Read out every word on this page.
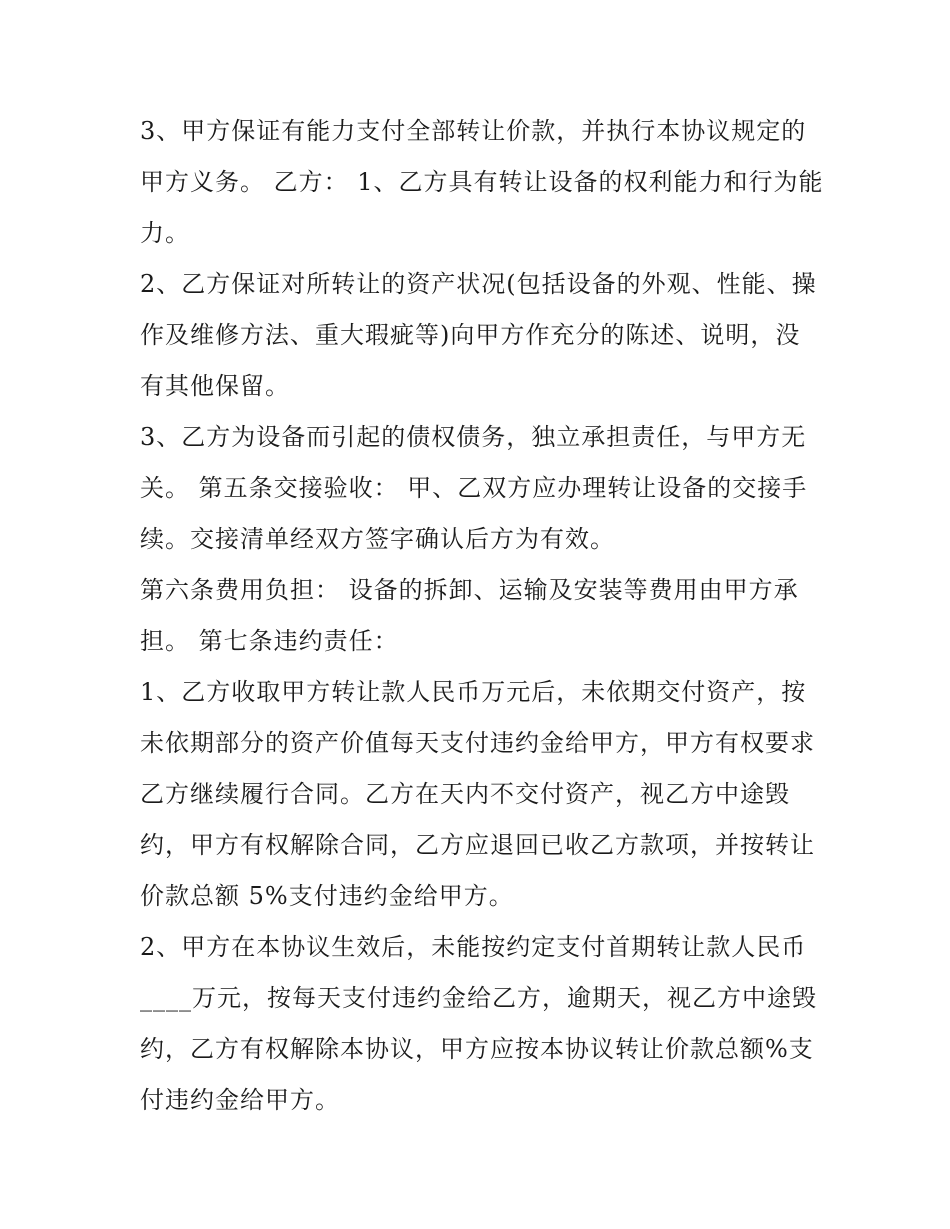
3、甲方保证有能力支付全部转让价款，并执行本协议规定的
甲方义务。 乙方： 1、乙方具有转让设备的权利能力和行为能
力。

2、乙方保证对所转让的资产状况(包括设备的外观、性能、操
作及维修方法、重大瑕疵等)向甲方作充分的陈述、说明，没
有其他保留。

3、乙方为设备而引起的债权债务，独立承担责任，与甲方无
关。 第五条交接验收： 甲、乙双方应办理转让设备的交接手
续。交接清单经双方签字确认后方为有效。

第六条费用负担： 设备的拆卸、运输及安装等费用由甲方承
担。 第七条违约责任：

1、乙方收取甲方转让款人民币万元后，未依期交付资产，按
未依期部分的资产价值每天支付违约金给甲方，甲方有权要求
乙方继续履行合同。乙方在天内不交付资产，视乙方中途毁
约，甲方有权解除合同，乙方应退回已收乙方款项，并按转让
价款总额 5%支付违约金给甲方。

2、甲方在本协议生效后，未能按约定支付首期转让款人民币
____万元，按每天支付违约金给乙方，逾期天，视乙方中途毁
约，乙方有权解除本协议，甲方应按本协议转让价款总额%支
付违约金给甲方。
